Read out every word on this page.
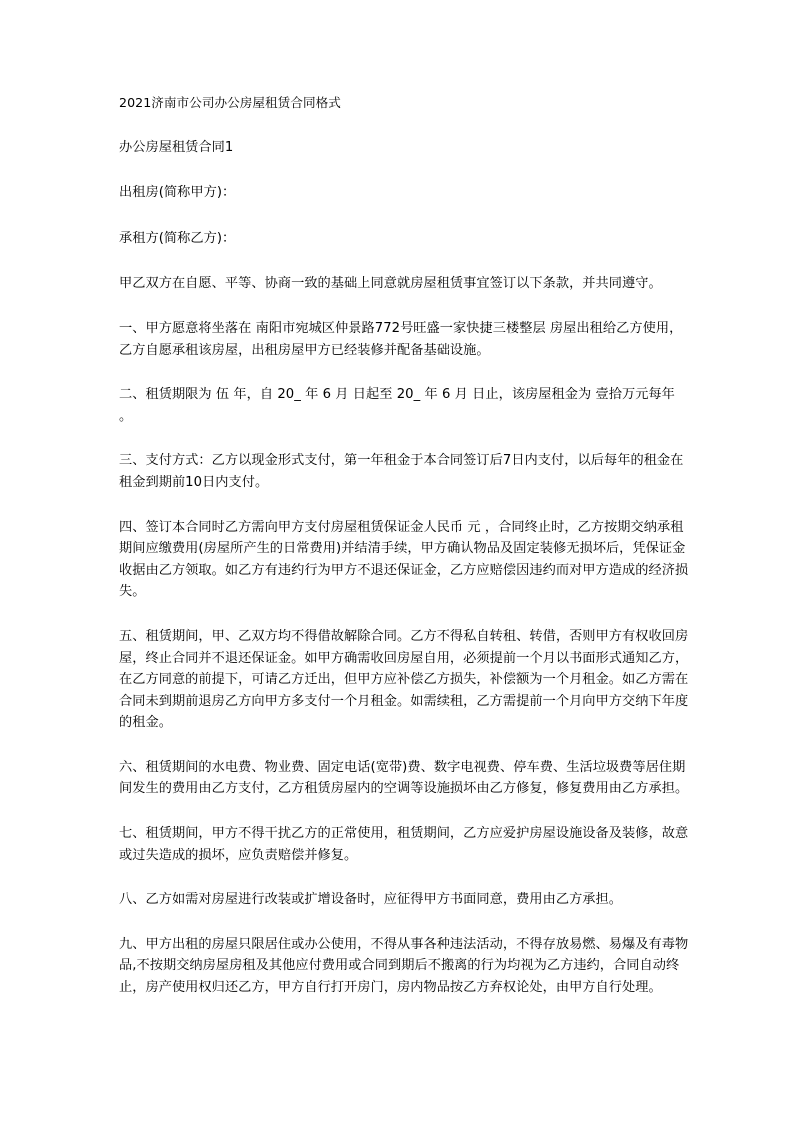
2021济南市公司办公房屋租赁合同格式

办公房屋租赁合同1

出租房(简称甲方)：

承租方(简称乙方)：

甲乙双方在自愿、平等、协商一致的基础上同意就房屋租赁事宜签订以下条款，并共同遵守。

一、甲方愿意将坐落在 南阳市宛城区仲景路772号旺盛一家快捷三楼整层 房屋出租给乙方使用，乙方自愿承租该房屋，出租房屋甲方已经装修并配备基础设施。

二、租赁期限为 伍 年，自 20_ 年 6 月 日起至 20_ 年 6 月 日止，该房屋租金为 壹拾万元每年 。

三、支付方式：乙方以现金形式支付，第一年租金于本合同签订后7日内支付，以后每年的租金在租金到期前10日内支付。

四、签订本合同时乙方需向甲方支付房屋租赁保证金人民币 元 ，合同终止时，乙方按期交纳承租期间应缴费用(房屋所产生的日常费用)并结清手续，甲方确认物品及固定装修无损坏后，凭保证金收据由乙方领取。如乙方有违约行为甲方不退还保证金，乙方应赔偿因违约而对甲方造成的经济损失。

五、租赁期间，甲、乙双方均不得借故解除合同。乙方不得私自转租、转借，否则甲方有权收回房屋，终止合同并不退还保证金。如甲方确需收回房屋自用，必须提前一个月以书面形式通知乙方，在乙方同意的前提下，可请乙方迁出，但甲方应补偿乙方损失，补偿额为一个月租金。如乙方需在合同未到期前退房乙方向甲方多支付一个月租金。如需续租，乙方需提前一个月向甲方交纳下年度的租金。

六、租赁期间的水电费、物业费、固定电话(宽带)费、数字电视费、停车费、生活垃圾费等居住期间发生的费用由乙方支付，乙方租赁房屋内的空调等设施损坏由乙方修复，修复费用由乙方承担。

七、租赁期间，甲方不得干扰乙方的正常使用，租赁期间，乙方应爱护房屋设施设备及装修，故意或过失造成的损坏，应负责赔偿并修复。

八、乙方如需对房屋进行改装或扩增设备时，应征得甲方书面同意，费用由乙方承担。

九、甲方出租的房屋只限居住或办公使用，不得从事各种违法活动，不得存放易燃、易爆及有毒物品,不按期交纳房屋房租及其他应付费用或合同到期后不搬离的行为均视为乙方违约，合同自动终止，房产使用权归还乙方，甲方自行打开房门，房内物品按乙方弃权论处，由甲方自行处理。
